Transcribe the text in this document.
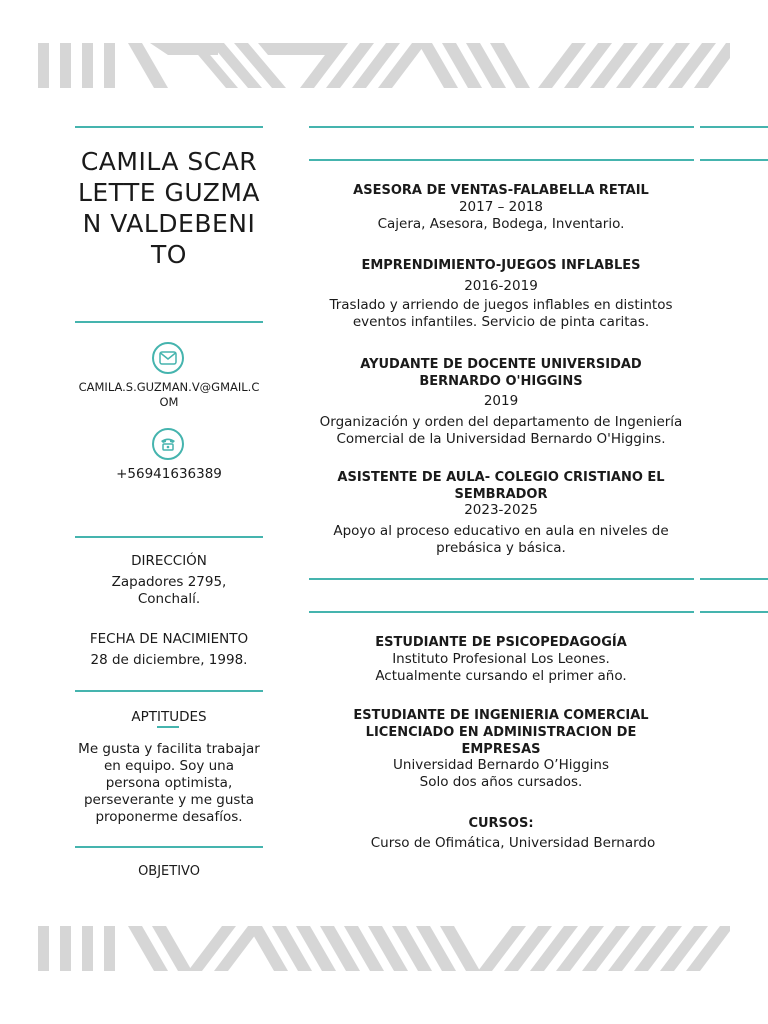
CAMILA SCARLETTE GUZMAN VALDEBENITO
CAMILA.S.GUZMAN.V@GMAIL.COM
+56941636389
DIRECCIÓN
Zapadores 2795, Conchalí.
FECHA DE NACIMIENTO
28 de diciembre, 1998.
APTITUDES
Me gusta y facilita trabajar en equipo. Soy una persona optimista, perseverante y me gusta proponerme desafíos.
OBJETIVO
ASESORA DE VENTAS-FALABELLA RETAIL
2017 – 2018
Cajera, Asesora, Bodega, Inventario.
EMPRENDIMIENTO-JUEGOS INFLABLES
2016-2019
Traslado y arriendo de juegos inflables en distintos eventos infantiles. Servicio de pinta caritas.
AYUDANTE DE DOCENTE UNIVERSIDAD BERNARDO O'HIGGINS
2019
Organización y orden del departamento de Ingeniería Comercial de la Universidad Bernardo O'Higgins.
ASISTENTE DE AULA- COLEGIO CRISTIANO EL SEMBRADOR
2023-2025
Apoyo al proceso educativo en aula en niveles de prebásica y básica.
ESTUDIANTE DE PSICOPEDAGOGÍA
Instituto Profesional Los Leones.
Actualmente cursando el primer año.
ESTUDIANTE DE INGENIERIA COMERCIAL LICENCIADO EN ADMINISTRACION DE EMPRESAS
Universidad Bernardo O’Higgins
Solo dos años cursados.
CURSOS:
Curso de Ofimática, Universidad Bernardo
